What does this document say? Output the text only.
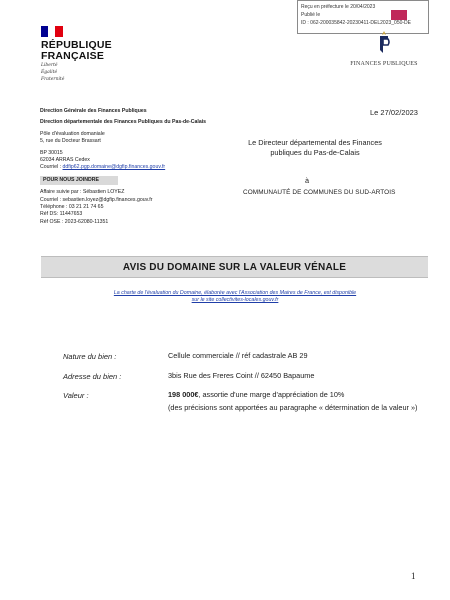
Reçu en préfecture le 20/04/2023
Publié le
ID : 062-200035842-20230411-DEL2023_050-DE
RÉPUBLIQUE
FRANÇAISE
Liberté
Égalité
Fraternité
FINANCES PUBLIQUES
Direction Générale des Finances Publiques
Direction départementale des Finances Publiques du Pas-de-Calais
Pôle d'évaluation domaniale
5, rue du Docteur Brassart
BP 30015
62034 ARRAS Cedex
Courriel : ddfip62.pgp.domaine@dgfip.finances.gouv.fr
POUR NOUS JOINDRE
Affaire suivie par : Sébastien LOYEZ
Courriel : sebastien.loyez@dgfip.finances.gouv.fr
Téléphone : 03 21 21 74 65
Réf DS: 11447653
Réf OSE : 2023-62080-11351
Le 27/02/2023
Le Directeur départemental des Finances
publiques du Pas-de-Calais
à
COMMUNAUTÉ DE COMMUNES DU SUD-ARTOIS
AVIS DU DOMAINE SUR LA VALEUR VÉNALE
La charte de l'évaluation du Domaine, élaborée avec l'Association des Maires de France, est disponible
sur le site collectivites-locales.gouv.fr
Nature du bien :	Cellule commerciale // réf cadastrale AB 29
Adresse du bien :	3bis Rue des Freres Coint // 62450 Bapaume
Valeur :	198 000€, assortie d'une marge d'appréciation de 10%
(des précisions sont apportées au paragraphe « détermination de la valeur »)
1
